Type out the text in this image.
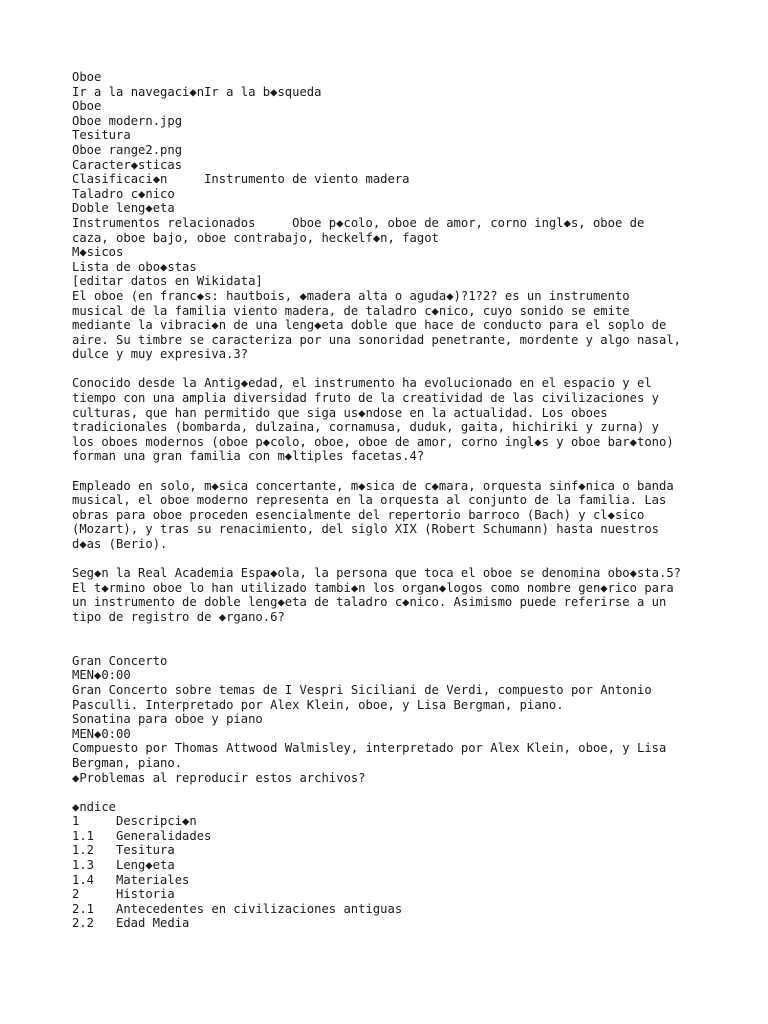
Oboe
Ir a la navegaci◆nIr a la b◆squeda
Oboe
Oboe modern.jpg
Tesitura
Oboe range2.png
Caracter◆sticas
Clasificaci◆n     Instrumento de viento madera
Taladro c◆nico
Doble leng◆eta
Instrumentos relacionados     Oboe p◆colo, oboe de amor, corno ingl◆s, oboe de
caza, oboe bajo, oboe contrabajo, heckelf◆n, fagot
M◆sicos
Lista de obo◆stas
[editar datos en Wikidata]
El oboe (en franc◆s: hautbois, ◆madera alta o aguda◆)?1?2? es un instrumento
musical de la familia viento madera, de taladro c◆nico, cuyo sonido se emite
mediante la vibraci◆n de una leng◆eta doble que hace de conducto para el soplo de
aire. Su timbre se caracteriza por una sonoridad penetrante, mordente y algo nasal,
dulce y muy expresiva.3?
Conocido desde la Antig◆edad, el instrumento ha evolucionado en el espacio y el
tiempo con una amplia diversidad fruto de la creatividad de las civilizaciones y
culturas, que han permitido que siga us◆ndose en la actualidad. Los oboes
tradicionales (bombarda, dulzaina, cornamusa, duduk, gaita, hichiriki y zurna) y
los oboes modernos (oboe p◆colo, oboe, oboe de amor, corno ingl◆s y oboe bar◆tono)
forman una gran familia con m◆ltiples facetas.4?
Empleado en solo, m◆sica concertante, m◆sica de c◆mara, orquesta sinf◆nica o banda
musical, el oboe moderno representa en la orquesta al conjunto de la familia. Las
obras para oboe proceden esencialmente del repertorio barroco (Bach) y cl◆sico
(Mozart), y tras su renacimiento, del siglo XIX (Robert Schumann) hasta nuestros
d◆as (Berio).
Seg◆n la Real Academia Espa◆ola, la persona que toca el oboe se denomina obo◆sta.5?
El t◆rmino oboe lo han utilizado tambi◆n los organ◆logos como nombre gen◆rico para
un instrumento de doble leng◆eta de taladro c◆nico. Asimismo puede referirse a un
tipo de registro de ◆rgano.6?
Gran Concerto
MEN◆0:00
Gran Concerto sobre temas de I Vespri Siciliani de Verdi, compuesto por Antonio
Pasculli. Interpretado por Alex Klein, oboe, y Lisa Bergman, piano.
Sonatina para oboe y piano
MEN◆0:00
Compuesto por Thomas Attwood Walmisley, interpretado por Alex Klein, oboe, y Lisa
Bergman, piano.
◆Problemas al reproducir estos archivos?
◆ndice
1	Descripci◆n
1.1 Generalidades
1.2 Tesitura
1.3 Leng◆eta
1.4 Materiales
2	Historia
2.1 Antecedentes en civilizaciones antiguas
2.2 Edad Media
